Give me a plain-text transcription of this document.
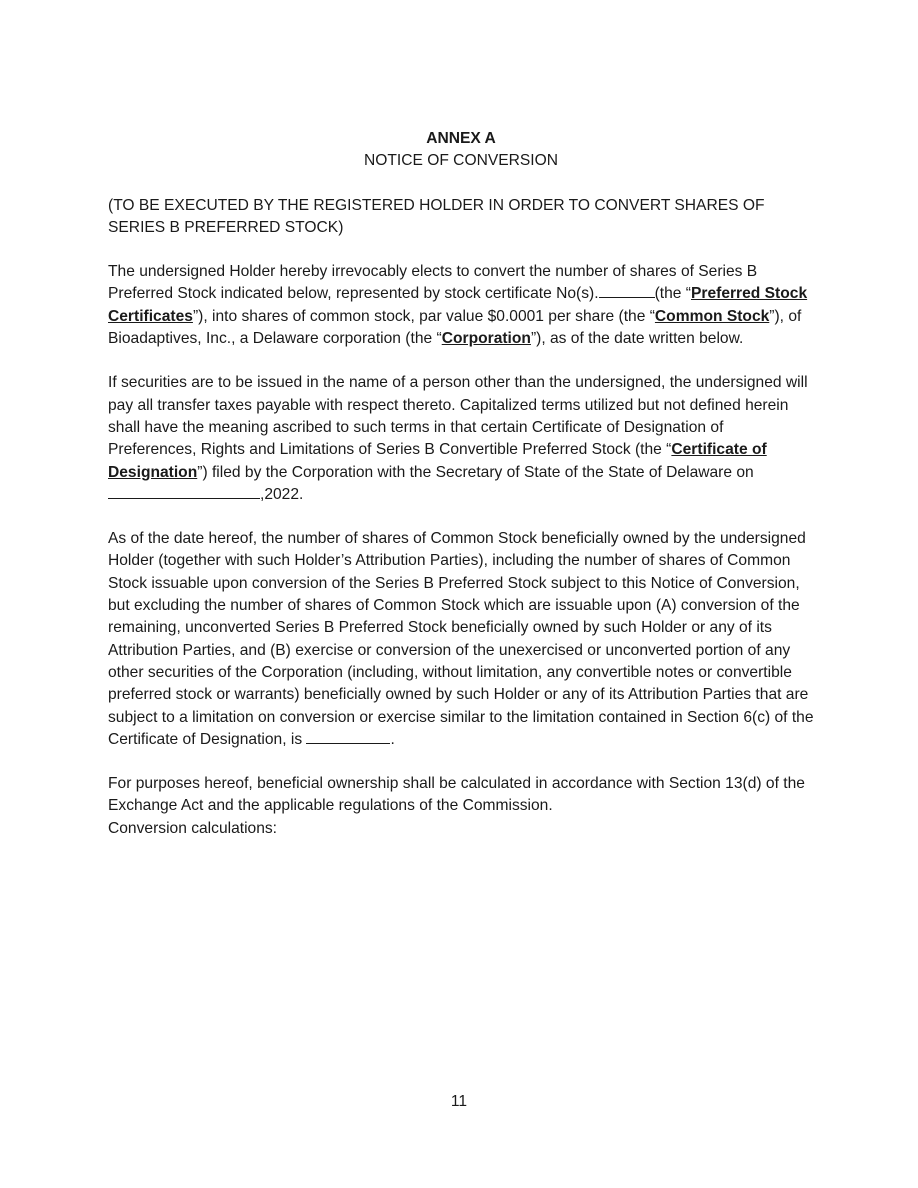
ANNEX A
NOTICE OF CONVERSION

(TO BE EXECUTED BY THE REGISTERED HOLDER IN ORDER TO CONVERT SHARES OF SERIES B PREFERRED STOCK)

The undersigned Holder hereby irrevocably elects to convert the number of shares of Series B Preferred Stock indicated below, represented by stock certificate No(s).	(the “Preferred Stock Certificates”), into shares of common stock, par value $0.0001 per share (the “Common Stock”), of Bioadaptives, Inc., a Delaware corporation (the “Corporation”), as of the date written below.

If securities are to be issued in the name of a person other than the undersigned, the undersigned will pay all transfer taxes payable with respect thereto. Capitalized terms utilized but not defined herein shall have the meaning ascribed to such terms in that certain Certificate of Designation of Preferences, Rights and Limitations of Series B Convertible Preferred Stock (the “Certificate of Designation”) filed by the Corporation with the Secretary of State of the State of Delaware on ,2022.

As of the date hereof, the number of shares of Common Stock beneficially owned by the undersigned Holder (together with such Holder’s Attribution Parties), including the number of shares of Common Stock issuable upon conversion of the Series B Preferred Stock subject to this Notice of Conversion, but excluding the number of shares of Common Stock which are issuable upon (A) conversion of the remaining, unconverted Series B Preferred Stock beneficially owned by such Holder or any of its Attribution Parties, and (B) exercise or conversion of the unexercised or unconverted portion of any other securities of the Corporation (including, without limitation, any convertible notes or convertible preferred stock or warrants) beneficially owned by such Holder or any of its Attribution Parties that are subject to a limitation on conversion or exercise similar to the limitation contained in Section 6(c) of the Certificate of Designation, is	.

For purposes hereof, beneficial ownership shall be calculated in accordance with Section 13(d) of the Exchange Act and the applicable regulations of the Commission.
Conversion calculations:

11
